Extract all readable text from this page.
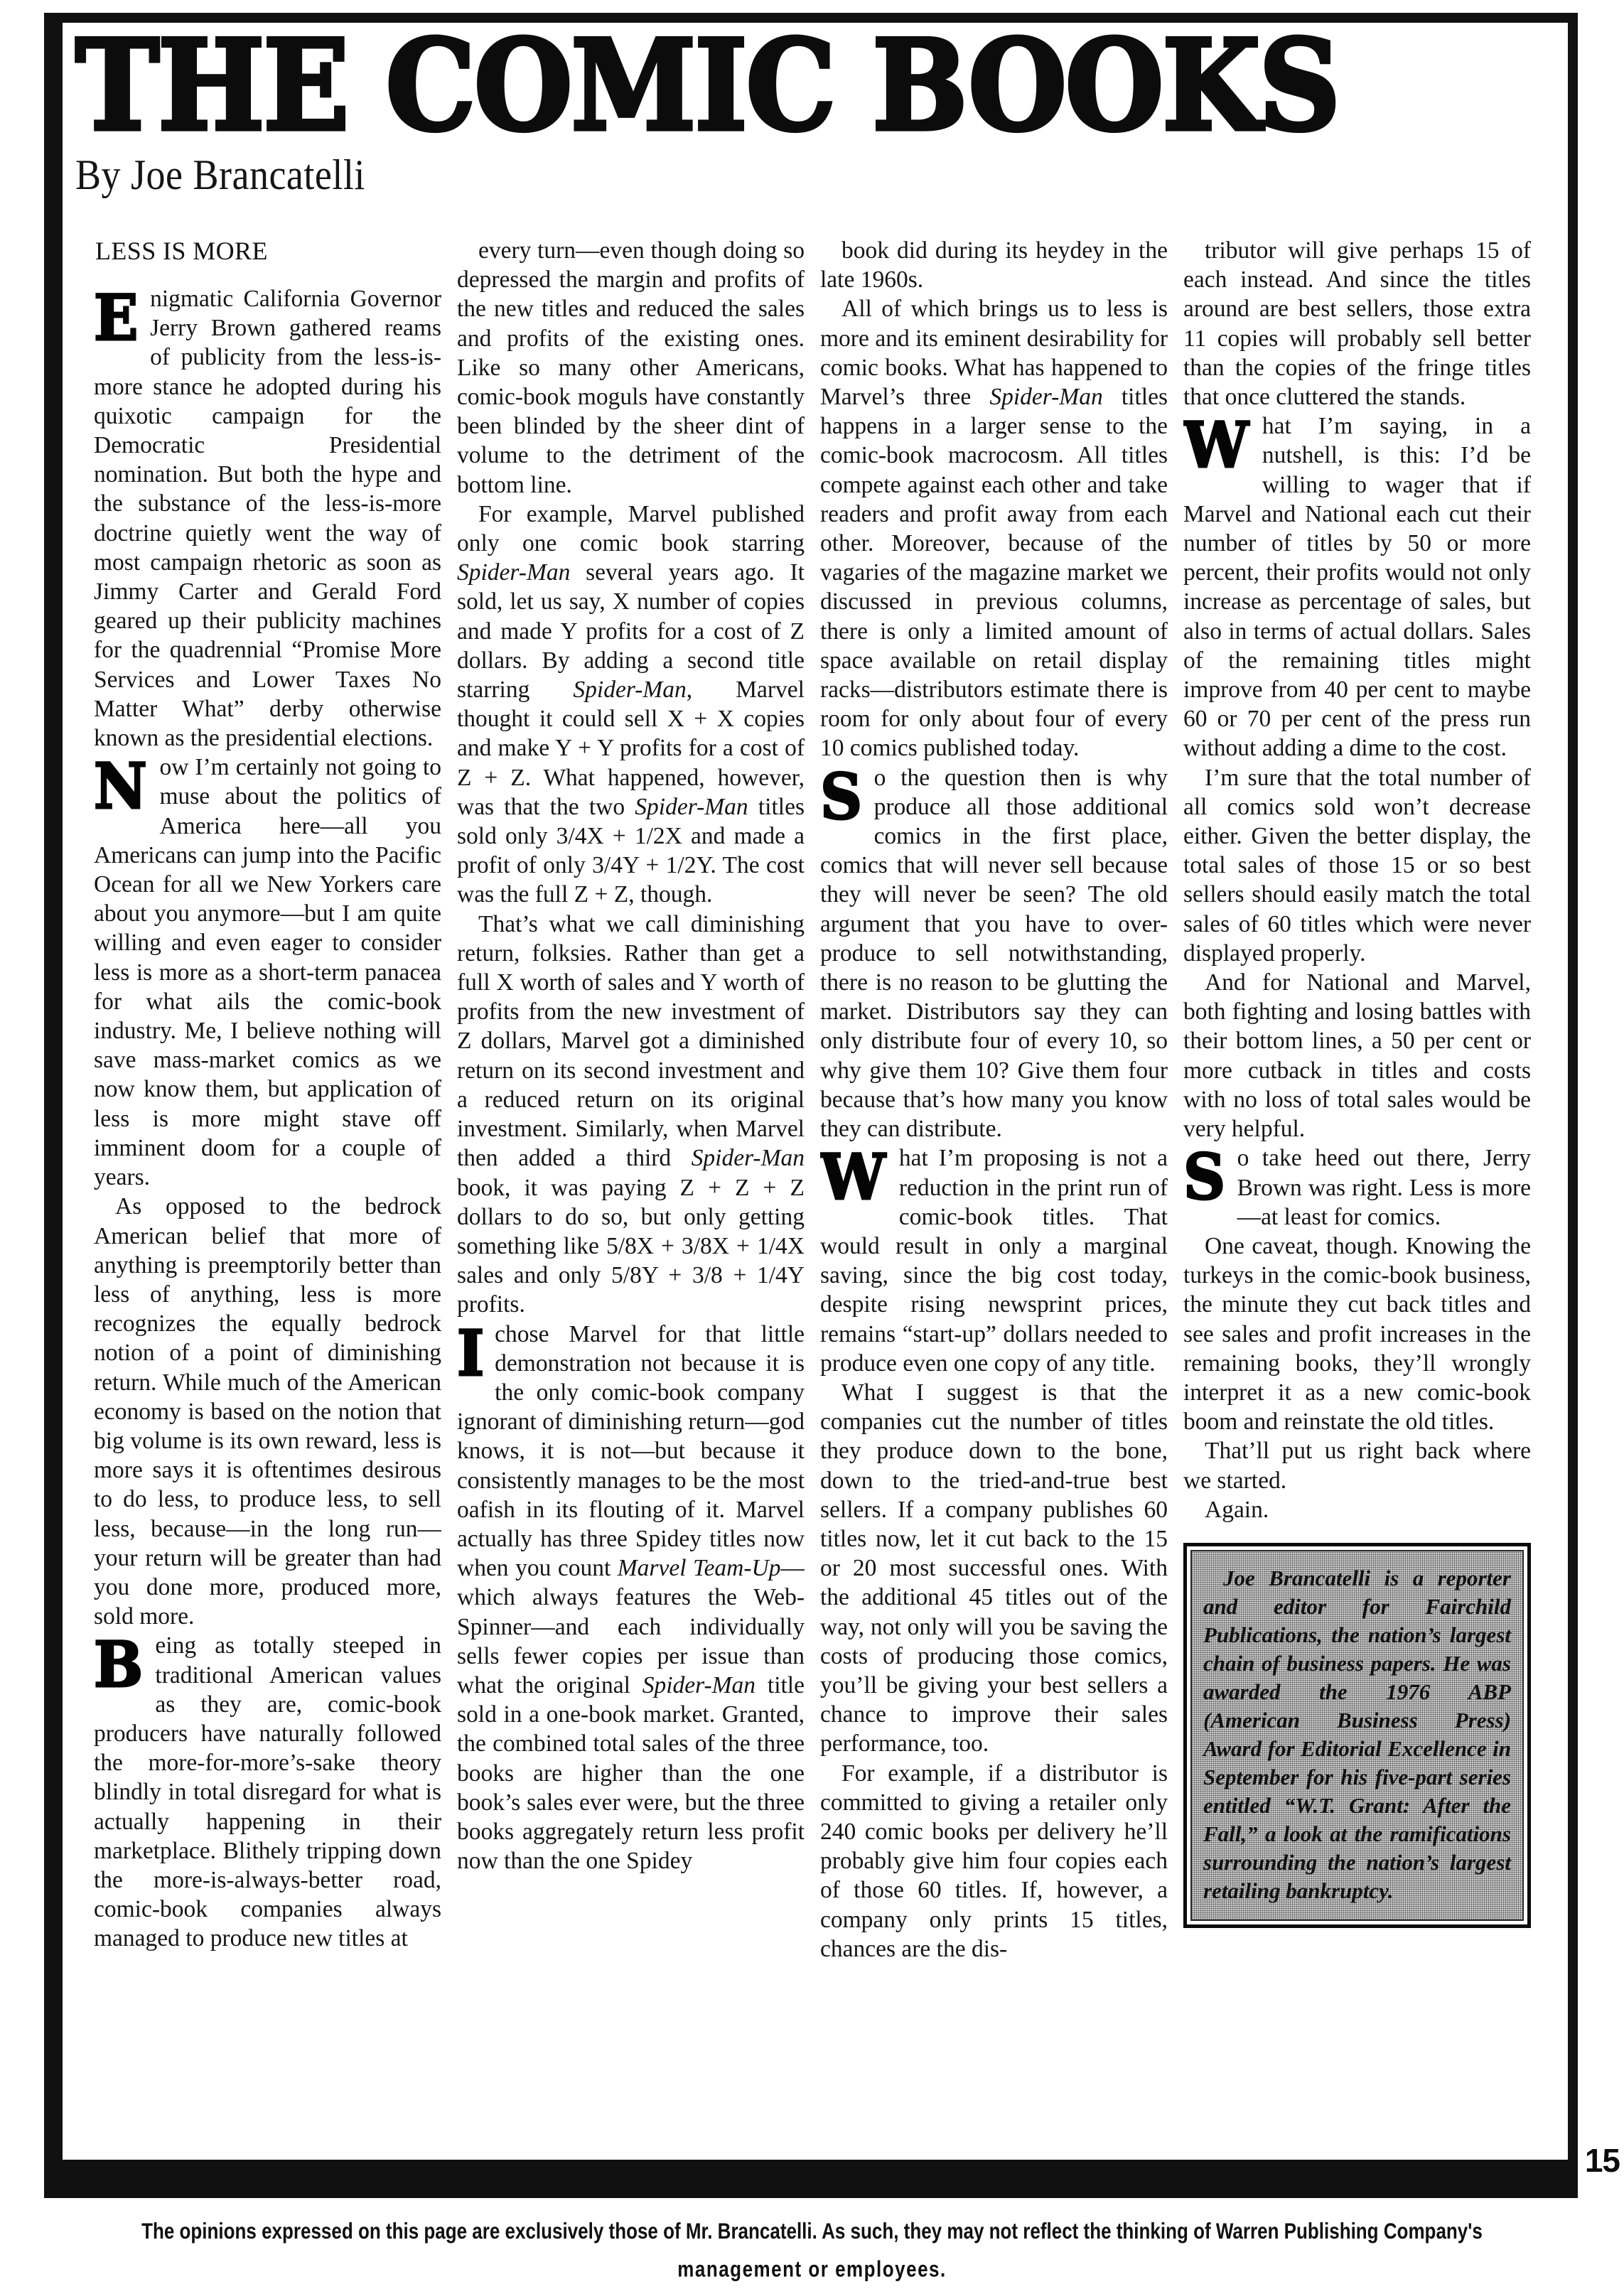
THE COMIC BOOKS
By Joe Brancatelli
LESS IS MORE

Enigmatic California Governor Jerry Brown gathered reams of publicity from the less-is-more stance he adopted during his quixotic campaign for the Democratic Presidential nomination. But both the hype and the substance of the less-is-more doctrine quietly went the way of most campaign rhetoric as soon as Jimmy Carter and Gerald Ford geared up their publicity machines for the quadrennial “Promise More Services and Lower Taxes No Matter What” derby otherwise known as the presidential elections.

Now I’m certainly not going to muse about the politics of America here—all you Americans can jump into the Pacific Ocean for all we New Yorkers care about you anymore—but I am quite willing and even eager to consider less is more as a short-term panacea for what ails the comic-book industry. Me, I believe nothing will save mass-market comics as we now know them, but application of less is more might stave off imminent doom for a couple of years.

As opposed to the bedrock American belief that more of anything is preemptorily better than less of anything, less is more recognizes the equally bedrock notion of a point of diminishing return. While much of the American economy is based on the notion that big volume is its own reward, less is more says it is oftentimes desirous to do less, to produce less, to sell less, because—in the long run—your return will be greater than had you done more, produced more, sold more.

Being as totally steeped in traditional American values as they are, comic-book producers have naturally followed the more-for-more’s-sake theory blindly in total disregard for what is actually happening in their marketplace. Blithely tripping down the more-is-always-better road, comic-book companies always managed to produce new titles at

every turn—even though doing so depressed the margin and profits of the new titles and reduced the sales and profits of the existing ones. Like so many other Americans, comic-book moguls have constantly been blinded by the sheer dint of volume to the detriment of the bottom line.

For example, Marvel published only one comic book starring Spider-Man several years ago. It sold, let us say, X number of copies and made Y profits for a cost of Z dollars. By adding a second title starring Spider-Man, Marvel thought it could sell X + X copies and make Y + Y profits for a cost of Z + Z. What happened, however, was that the two Spider-Man titles sold only 3/4X + 1/2X and made a profit of only 3/4Y + 1/2Y. The cost was the full Z + Z, though.

That’s what we call diminishing return, folksies. Rather than get a full X worth of sales and Y worth of profits from the new investment of Z dollars, Marvel got a diminished return on its second investment and a reduced return on its original investment. Similarly, when Marvel then added a third Spider-Man book, it was paying Z + Z + Z dollars to do so, but only getting something like 5/8X + 3/8X + 1/4X sales and only 5/8Y + 3/8 + 1/4Y profits.

I chose Marvel for that little demonstration not because it is the only comic-book company ignorant of diminishing return—god knows, it is not—but because it consistently manages to be the most oafish in its flouting of it. Marvel actually has three Spidey titles now when you count Marvel Team-Up—which always features the Web-Spinner—and each individually sells fewer copies per issue than what the original Spider-Man title sold in a one-book market. Granted, the combined total sales of the three books are higher than the one book’s sales ever were, but the three books aggregately return less profit now than the one Spidey

book did during its heydey in the late 1960s.

All of which brings us to less is more and its eminent desirability for comic books. What has happened to Marvel’s three Spider-Man titles happens in a larger sense to the comic-book macrocosm. All titles compete against each other and take readers and profit away from each other. Moreover, because of the vagaries of the magazine market we discussed in previous columns, there is only a limited amount of space available on retail display racks—distributors estimate there is room for only about four of every 10 comics published today.

So the question then is why produce all those additional comics in the first place, comics that will never sell because they will never be seen? The old argument that you have to over-produce to sell notwithstanding, there is no reason to be glutting the market. Distributors say they can only distribute four of every 10, so why give them 10? Give them four because that’s how many you know they can distribute.

What I’m proposing is not a reduction in the print run of comic-book titles. That would result in only a marginal saving, since the big cost today, despite rising newsprint prices, remains “start-up” dollars needed to produce even one copy of any title.

What I suggest is that the companies cut the number of titles they produce down to the bone, down to the tried-and-true best sellers. If a company publishes 60 titles now, let it cut back to the 15 or 20 most successful ones. With the additional 45 titles out of the way, not only will you be saving the costs of producing those comics, you’ll be giving your best sellers a chance to improve their sales performance, too.

For example, if a distributor is committed to giving a retailer only 240 comic books per delivery he’ll probably give him four copies each of those 60 titles. If, however, a company only prints 15 titles, chances are the dis-

tributor will give perhaps 15 of each instead. And since the titles around are best sellers, those extra 11 copies will probably sell better than the copies of the fringe titles that once cluttered the stands.

What I’m saying, in a nutshell, is this: I’d be willing to wager that if Marvel and National each cut their number of titles by 50 or more percent, their profits would not only increase as percentage of sales, but also in terms of actual dollars. Sales of the remaining titles might improve from 40 per cent to maybe 60 or 70 per cent of the press run without adding a dime to the cost.

I’m sure that the total number of all comics sold won’t decrease either. Given the better display, the total sales of those 15 or so best sellers should easily match the total sales of 60 titles which were never displayed properly.

And for National and Marvel, both fighting and losing battles with their bottom lines, a 50 per cent or more cutback in titles and costs with no loss of total sales would be very helpful.

So take heed out there, Jerry Brown was right. Less is more—at least for comics.

One caveat, though. Knowing the turkeys in the comic-book business, the minute they cut back titles and see sales and profit increases in the remaining books, they’ll wrongly interpret it as a new comic-book boom and reinstate the old titles.

That’ll put us right back where we started.

Again.

Joe Brancatelli is a reporter and editor for Fairchild Publications, the nation’s largest chain of business papers. He was awarded the 1976 ABP (American Business Press) Award for Editorial Excellence in September for his five-part series entitled “W.T. Grant: After the Fall,” a look at the ramifications surrounding the nation’s largest retailing bankruptcy.

15
The opinions expressed on this page are exclusively those of Mr. Brancatelli. As such, they may not reflect the thinking of Warren Publishing Company's
management or employees.
